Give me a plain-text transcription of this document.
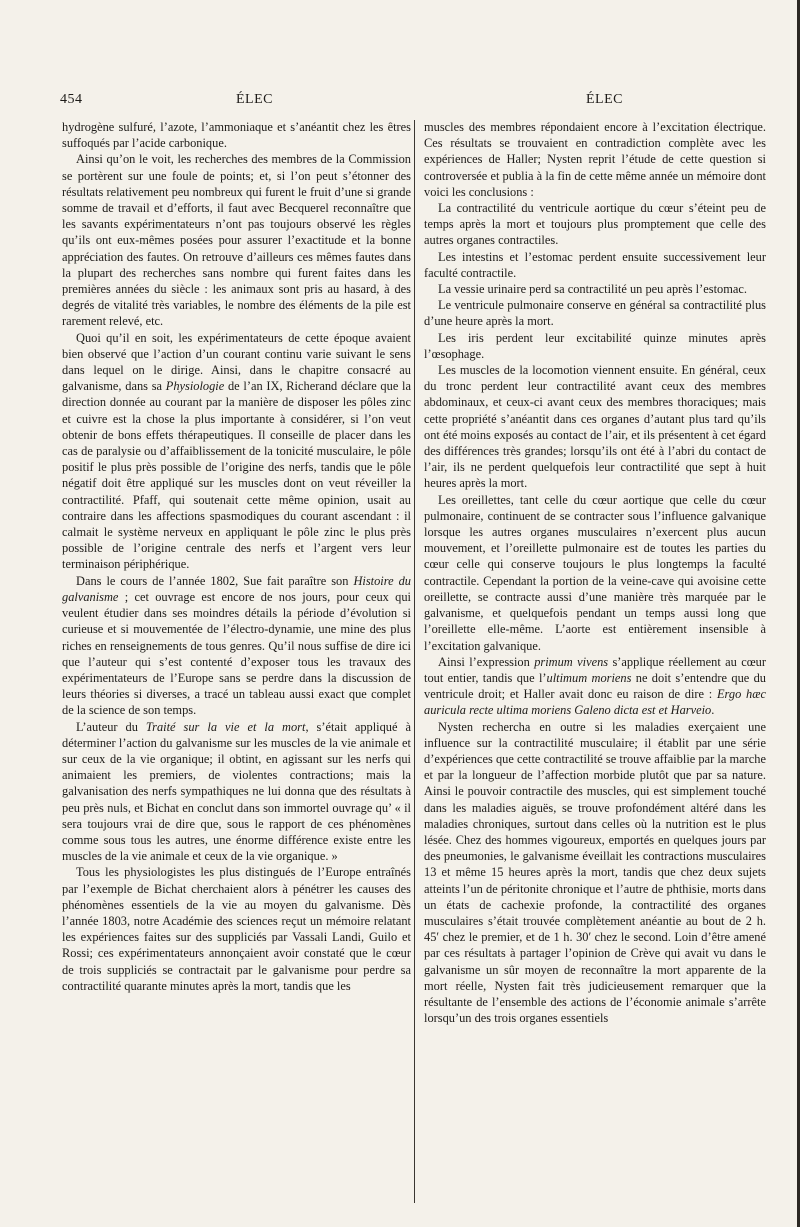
454	ÉLEC	ÉLEC

hydrogène sulfuré, l’azote, l’ammoniaque et s’anéantit chez les êtres suffoqués par l’acide carbonique.

Ainsi qu’on le voit, les recherches des membres de la Commission se portèrent sur une foule de points; et, si l’on peut s’étonner des résultats relativement peu nombreux qui furent le fruit d’une si grande somme de travail et d’efforts, il faut avec Becquerel reconnaître que les savants expérimentateurs n’ont pas toujours observé les règles qu’ils ont eux-mêmes posées pour assurer l’exactitude et la bonne appréciation des fautes. On retrouve d’ailleurs ces mêmes fautes dans la plupart des recherches sans nombre qui furent faites dans les premières années du siècle : les animaux sont pris au hasard, à des degrés de vitalité très variables, le nombre des éléments de la pile est rarement relevé, etc.

Quoi qu’il en soit, les expérimentateurs de cette époque avaient bien observé que l’action d’un courant continu varie suivant le sens dans lequel on le dirige. Ainsi, dans le chapitre consacré au galvanisme, dans sa Physiologie de l’an IX, Richerand déclare que la direction donnée au courant par la manière de disposer les pôles zinc et cuivre est la chose la plus importante à considérer, si l’on veut obtenir de bons effets thérapeutiques. Il conseille de placer dans les cas de paralysie ou d’affaiblissement de la tonicité musculaire, le pôle positif le plus près possible de l’origine des nerfs, tandis que le pôle négatif doit être appliqué sur les muscles dont on veut réveiller la contractilité. Pfaff, qui soutenait cette même opinion, usait au contraire dans les affections spasmodiques du courant ascendant : il calmait le système nerveux en appliquant le pôle zinc le plus près possible de l’origine centrale des nerfs et l’argent vers leur terminaison périphérique.

Dans le cours de l’année 1802, Sue fait paraître son Histoire du galvanisme ; cet ouvrage est encore de nos jours, pour ceux qui veulent étudier dans ses moindres détails la période d’évolution si curieuse et si mouvementée de l’électro-dynamie, une mine des plus riches en renseignements de tous genres. Qu’il nous suffise de dire ici que l’auteur qui s’est contenté d’exposer tous les travaux des expérimentateurs de l’Europe sans se perdre dans la discussion de leurs théories si diverses, a tracé un tableau aussi exact que complet de la science de son temps.

L’auteur du Traité sur la vie et la mort, s’était appliqué à déterminer l’action du galvanisme sur les muscles de la vie animale et sur ceux de la vie organique; il obtint, en agissant sur les nerfs qui animaient les premiers, de violentes contractions; mais la galvanisation des nerfs sympathiques ne lui donna que des résultats à peu près nuls, et Bichat en conclut dans son immortel ouvrage qu’ « il sera toujours vrai de dire que, sous le rapport de ces phénomènes comme sous tous les autres, une énorme différence existe entre les muscles de la vie animale et ceux de la vie organique. »

Tous les physiologistes les plus distingués de l’Europe entraînés par l’exemple de Bichat cherchaient alors à pénétrer les causes des phénomènes essentiels de la vie au moyen du galvanisme. Dès l’année 1803, notre Académie des sciences reçut un mémoire relatant les expériences faites sur des suppliciés par Vassali Landi, Guilo et Rossi; ces expérimentateurs annonçaient avoir constaté que le cœur de trois suppliciés se contractait par le galvanisme pour perdre sa contractilité quarante minutes après la mort, tandis que les

muscles des membres répondaient encore à l’excitation électrique. Ces résultats se trouvaient en contradiction complète avec les expériences de Haller; Nysten reprit l’étude de cette question si controversée et publia à la fin de cette même année un mémoire dont voici les conclusions :

La contractilité du ventricule aortique du cœur s’éteint peu de temps après la mort et toujours plus promptement que celle des autres organes contractiles.

Les intestins et l’estomac perdent ensuite successivement leur faculté contractile.

La vessie urinaire perd sa contractilité un peu après l’estomac.

Le ventricule pulmonaire conserve en général sa contractilité plus d’une heure après la mort.

Les iris perdent leur excitabilité quinze minutes après l’œsophage.

Les muscles de la locomotion viennent ensuite. En général, ceux du tronc perdent leur contractilité avant ceux des membres abdominaux, et ceux-ci avant ceux des membres thoraciques; mais cette propriété s’anéantit dans ces organes d’autant plus tard qu’ils ont été moins exposés au contact de l’air, et ils présentent à cet égard des différences très grandes; lorsqu’ils ont été à l’abri du contact de l’air, ils ne perdent quelquefois leur contractilité que sept à huit heures après la mort.

Les oreillettes, tant celle du cœur aortique que celle du cœur pulmonaire, continuent de se contracter sous l’influence galvanique lorsque les autres organes musculaires n’exercent plus aucun mouvement, et l’oreillette pulmonaire est de toutes les parties du cœur celle qui conserve toujours le plus longtemps la faculté contractile. Cependant la portion de la veine-cave qui avoisine cette oreillette, se contracte aussi d’une manière très marquée par le galvanisme, et quelquefois pendant un temps aussi long que l’oreillette elle-même. L’aorte est entièrement insensible à l’excitation galvanique.

Ainsi l’expression primum vivens s’applique réellement au cœur tout entier, tandis que l’ultimum moriens ne doit s’entendre que du ventricule droit; et Haller avait donc eu raison de dire : Ergo hæc auricula recte ultima moriens Galeno dicta est et Harveio.

Nysten rechercha en outre si les maladies exerçaient une influence sur la contractilité musculaire; il établit par une série d’expériences que cette contractilité se trouve affaiblie par la marche et par la longueur de l’affection morbide plutôt que par sa nature. Ainsi le pouvoir contractile des muscles, qui est simplement touché dans les maladies aiguës, se trouve profondément altéré dans les maladies chroniques, surtout dans celles où la nutrition est le plus lésée. Chez des hommes vigoureux, emportés en quelques jours par des pneumonies, le galvanisme éveillait les contractions musculaires 13 et même 15 heures après la mort, tandis que chez deux sujets atteints l’un de péritonite chronique et l’autre de phthisie, morts dans un états de cachexie profonde, la contractilité des organes musculaires s’était trouvée complètement anéantie au bout de 2 h. 45′ chez le premier, et de 1 h. 30′ chez le second. Loin d’être amené par ces résultats à partager l’opinion de Crève qui avait vu dans le galvanisme un sûr moyen de reconnaître la mort apparente de la mort réelle, Nysten fait très judicieusement remarquer que la résultante de l’ensemble des actions de l’économie animale s’arrête lorsqu’un des trois organes essentiels
